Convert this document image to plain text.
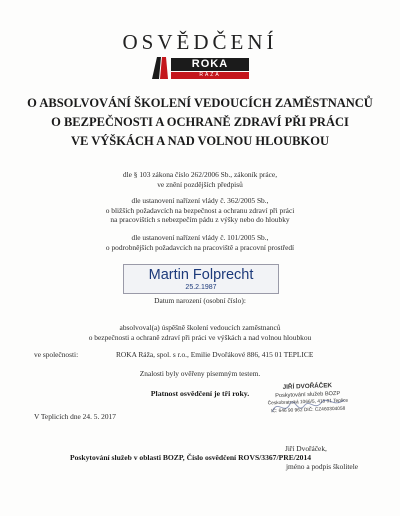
OSVĚDČENÍ
ROKA
RÁŽA
O ABSOLVOVÁNÍ ŠKOLENÍ VEDOUCÍCH ZAMĚSTNANCŮ
O BEZPEČNOSTI A OCHRANĚ ZDRAVÍ PŘI PRÁCI
VE VÝŠKÁCH A NAD VOLNOU HLOUBKOU
dle § 103 zákona číslo 262/2006 Sb., zákoník práce,
ve znění pozdějších předpisů
dle ustanovení nařízení vlády č. 362/2005 Sb.,
o bližších požadavcích na bezpečnost a ochranu zdraví při práci
na pracovištích s nebezpečím pádu z výšky nebo do hloubky
dle ustanovení nařízení vlády č. 101/2005 Sb.,
o podrobnějších požadavcích na pracoviště a pracovní prostředí
Martin Folprecht
25.2.1987
Datum narození (osobní číslo):
absolvoval(a) úspěšně školení vedoucích zaměstnanců
o bezpečnosti a ochraně zdraví při práci ve výškách a nad volnou hloubkou
ve společnosti:	ROKA Ráža, spol. s r.o., Emilie Dvořákové 886, 415 01 TEPLICE
Znalosti byly ověřeny písemným testem.
Platnost osvědčení je tři roky.
JIŘÍ DVOŘÁČEK
Poskytování služeb BOZP
Českobratrská 1066/5, 415 01 Teplice
IČ: 646 90 962 DIČ: CZ460304058
V Teplicích dne 24. 5. 2017
Jiří Dvořáček,
Poskytování služeb v oblasti BOZP, Číslo osvědčení ROVS/3367/PRE/2014
jméno a podpis školitele
